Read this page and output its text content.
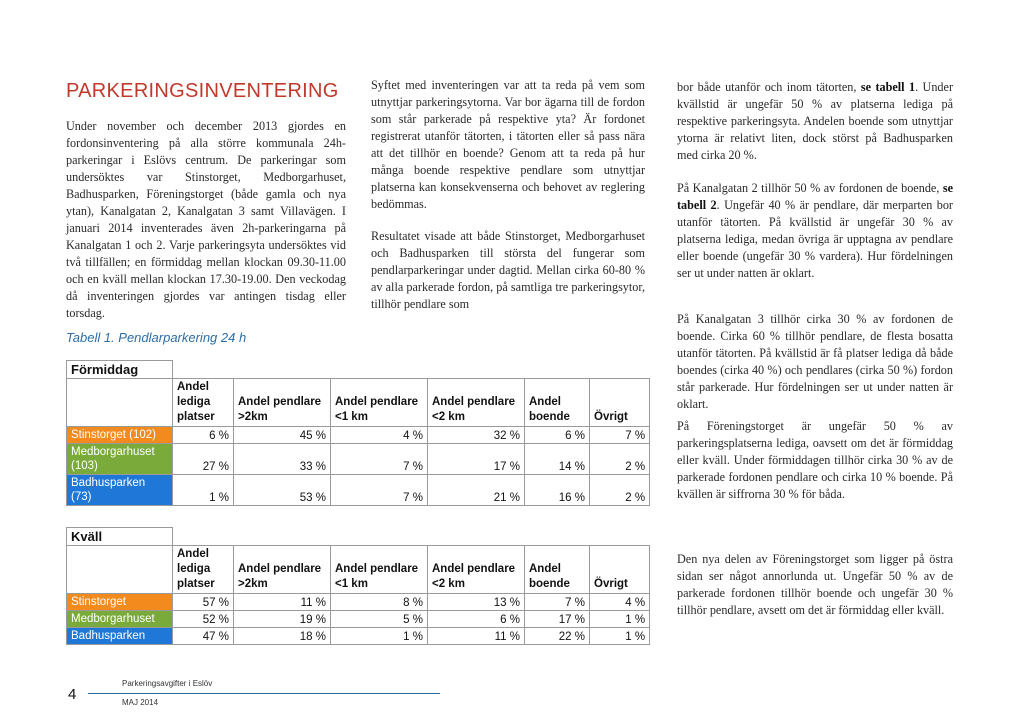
PARKERINGSINVENTERING

Under november och december 2013 gjordes en fordonsinventering på alla större kommunala 24h-parkeringar i Eslövs centrum. De parkeringar som undersöktes var Stinstorget, Medborgarhuset, Badhusparken, Föreningstorget (både gamla och nya ytan), Kanalgatan 2, Kanalgatan 3 samt Villavägen. I januari 2014 inventerades även 2h-parkeringarna på Kanalgatan 1 och 2. Varje parkeringsyta undersöktes vid två tillfällen; en förmiddag mellan klockan 09.30-11.00 och en kväll mellan klockan 17.30-19.00. Den veckodag då inventeringen gjordes var antingen tisdag eller torsdag.

Syftet med inventeringen var att ta reda på vem som utnyttjar parkeringsytorna. Var bor ägarna till de fordon som står parkerade på respektive yta? Är fordonet registrerat utanför tätorten, i tätorten eller så pass nära att det tillhör en boende? Genom att ta reda på hur många boende respektive pendlare som utnyttjar platserna kan konsekvenserna och behovet av reglering bedömmas.

Resultatet visade att både Stinstorget, Medborgarhuset och Badhusparken till största del fungerar som pendlarparkeringar under dagtid. Mellan cirka 60-80 % av alla parkerade fordon, på samtliga tre parkeringsytor, tillhör pendlare som

bor både utanför och inom tätorten, se tabell 1. Under kvällstid är ungefär 50 % av platserna lediga på respektive parkeringsyta. Andelen boende som utnyttjar ytorna är relativt liten, dock störst på Badhusparken med cirka 20 %.

På Kanalgatan 2 tillhör 50 % av fordonen de boende, se tabell 2. Ungefär 40 % är pendlare, där merparten bor utanför tätorten. På kvällstid är ungefär 30 % av platserna lediga, medan övriga är upptagna av pendlare eller boende (ungefär 30 % vardera). Hur fördelningen ser ut under natten är oklart.

På Kanalgatan 3 tillhör cirka 30 % av fordonen de boende. Cirka 60 % tillhör pendlare, de flesta bosatta utanför tätorten. På kvällstid är få platser lediga då både boendes (cirka 40 %) och pendlares (cirka 50 %) fordon står parkerade. Hur fördelningen ser ut under natten är oklart.

På Föreningstorget är ungefär 50 % av parkeringsplatserna lediga, oavsett om det är förmiddag eller kväll. Under förmiddagen tillhör cirka 30 % av de parkerade fordonen pendlare och cirka 10 % boende. På kvällen är siffrorna 30 % för båda.

Den nya delen av Föreningstorget som ligger på östra sidan ser något annorlunda ut. Ungefär 50 % av de parkerade fordonen tillhör boende och ungefär 30 % tillhör pendlare, avsett om det är förmiddag eller kväll.

Tabell 1. Pendlarparkering 24 h
Förmiddag						
	Andel lediga platser	Andel pendlare >2km	Andel pendlare <1 km	Andel pendlare <2 km	Andel boende	Övrigt
Stinstorget (102)	6 %	45 %	4 %	32 %	6 %	7 %
Medborgarhuset (103)	27 %	33 %	7 %	17 %	14 %	2 %
Badhusparken (73)	1 %	53 %	7 %	21 %	16 %	2 %
Kväll						
	Andel lediga platser	Andel pendlare >2km	Andel pendlare <1 km	Andel pendlare <2 km	Andel boende	Övrigt
Stinstorget	57 %	11 %	8 %	13 %	7 %	4 %
Medborgarhuset	52 %	19 %	5 %	6 %	17 %	1 %
Badhusparken	47 %	18 %	1 %	11 %	22 %	1 %
4
Parkeringsavgifter i Eslöv
MAJ 2014
